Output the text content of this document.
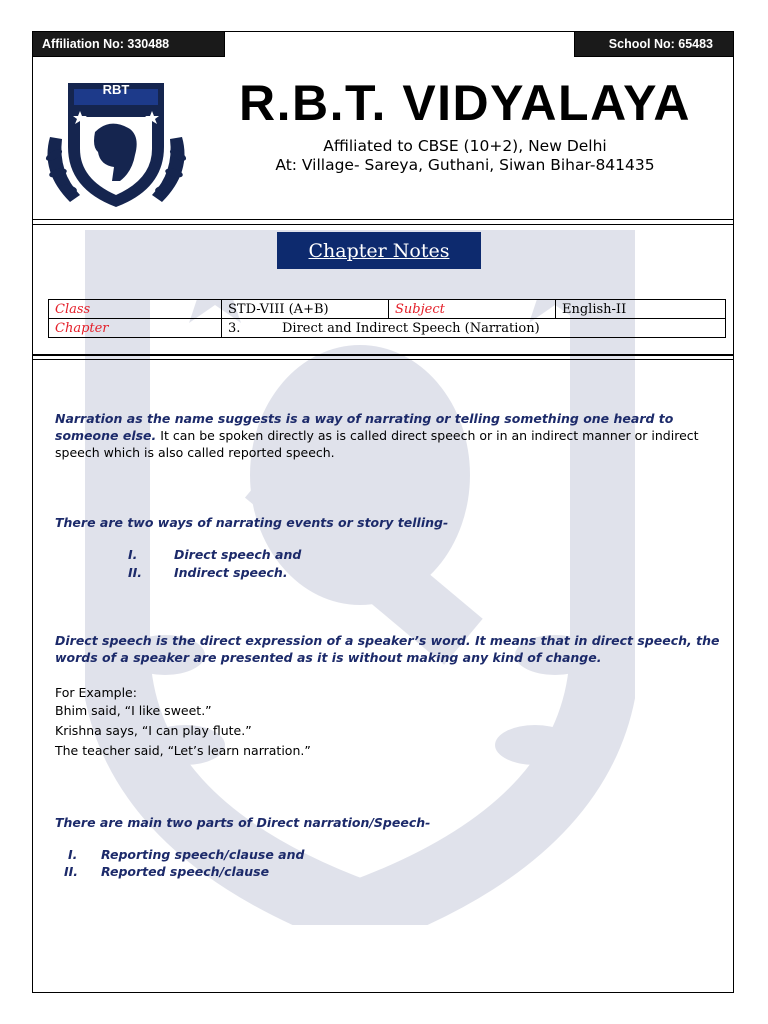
Affiliation No: 330488	School No: 65483
RBT	R.B.T. VIDYALAYA
Affiliated to CBSE (10+2), New Delhi
At: Village- Sareya, Guthani, Siwan Bihar-841435
Chapter Notes
Class	STD-VIII (A+B)	Subject	English-II
Chapter	3. Direct and Indirect Speech (Narration)		
Narration as the name suggests is a way of narrating or telling something one heard to someone else. It can be spoken directly as is called direct speech or in an indirect manner or indirect speech which is also called reported speech.
There are two ways of narrating events or story telling-
I.	Direct speech and
II.	Indirect speech.
Direct speech is the direct expression of a speaker’s word. It means that in direct speech, the words of a speaker are presented as it is without making any kind of change.
For Example:
Bhim said, “I like sweet.”
Krishna says, “I can play flute.”
The teacher said, “Let’s learn narration.”
There are main two parts of Direct narration/Speech-
I. Reporting speech/clause and
II. Reported speech/clause
